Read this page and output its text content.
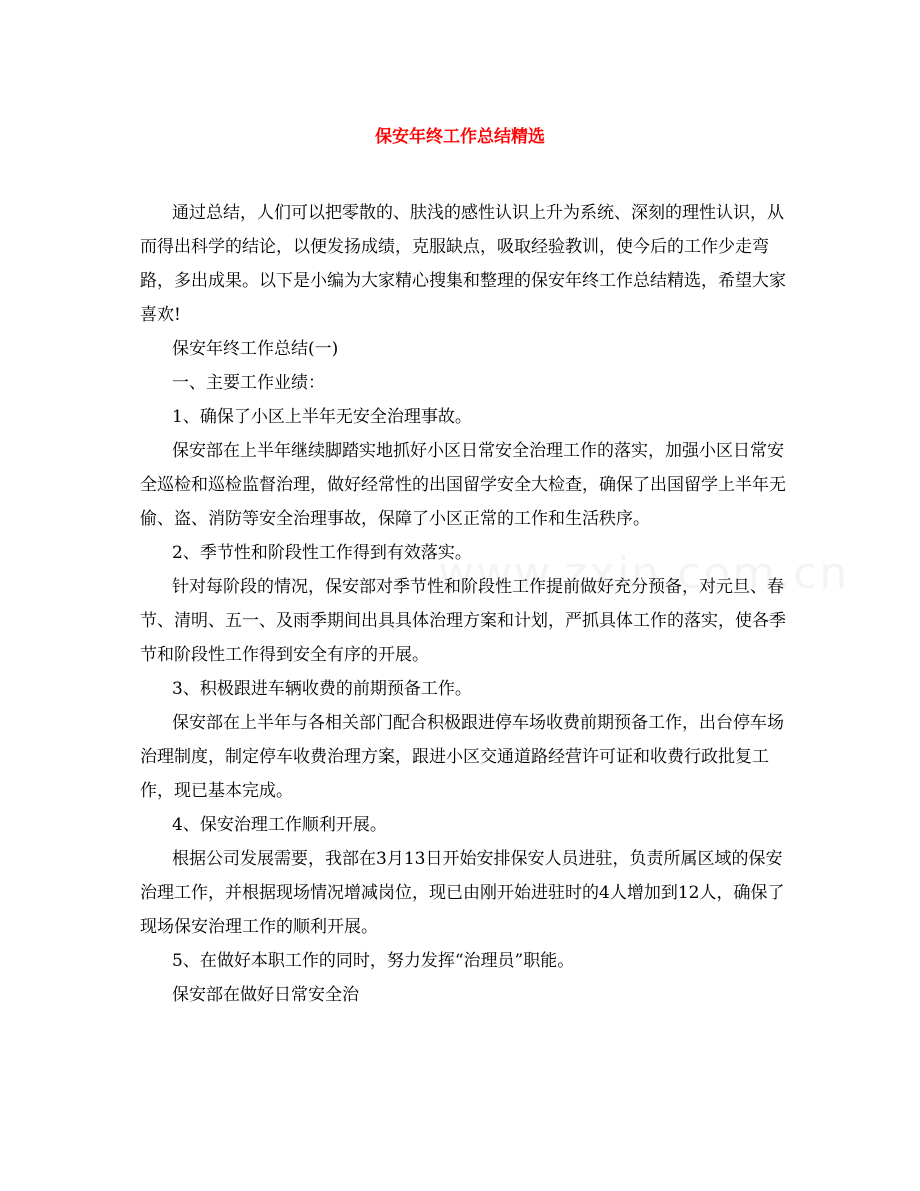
保安年终工作总结精选

通过总结，人们可以把零散的、肤浅的感性认识上升为系统、深刻的理性认识，从而得出科学的结论，以便发扬成绩，克服缺点，吸取经验教训，使今后的工作少走弯路，多出成果。以下是小编为大家精心搜集和整理的保安年终工作总结精选，希望大家喜欢!

保安年终工作总结(一)

一、主要工作业绩：

1、确保了小区上半年无安全治理事故。

保安部在上半年继续脚踏实地抓好小区日常安全治理工作的落实，加强小区日常安全巡检和巡检监督治理，做好经常性的出国留学安全大检查，确保了出国留学上半年无偷、盗、消防等安全治理事故，保障了小区正常的工作和生活秩序。

2、季节性和阶段性工作得到有效落实。

针对每阶段的情况，保安部对季节性和阶段性工作提前做好充分预备，对元旦、春节、清明、五一、及雨季期间出具具体治理方案和计划，严抓具体工作的落实，使各季节和阶段性工作得到安全有序的开展。

3、积极跟进车辆收费的前期预备工作。

保安部在上半年与各相关部门配合积极跟进停车场收费前期预备工作，出台停车场治理制度，制定停车收费治理方案，跟进小区交通道路经营许可证和收费行政批复工作，现已基本完成。

4、保安治理工作顺利开展。

根据公司发展需要，我部在3月13日开始安排保安人员进驻，负责所属区域的保安治理工作，并根据现场情况增减岗位，现已由刚开始进驻时的4人增加到12人，确保了现场保安治理工作的顺利开展。

5、在做好本职工作的同时，努力发挥“治理员”职能。

保安部在做好日常安全治
